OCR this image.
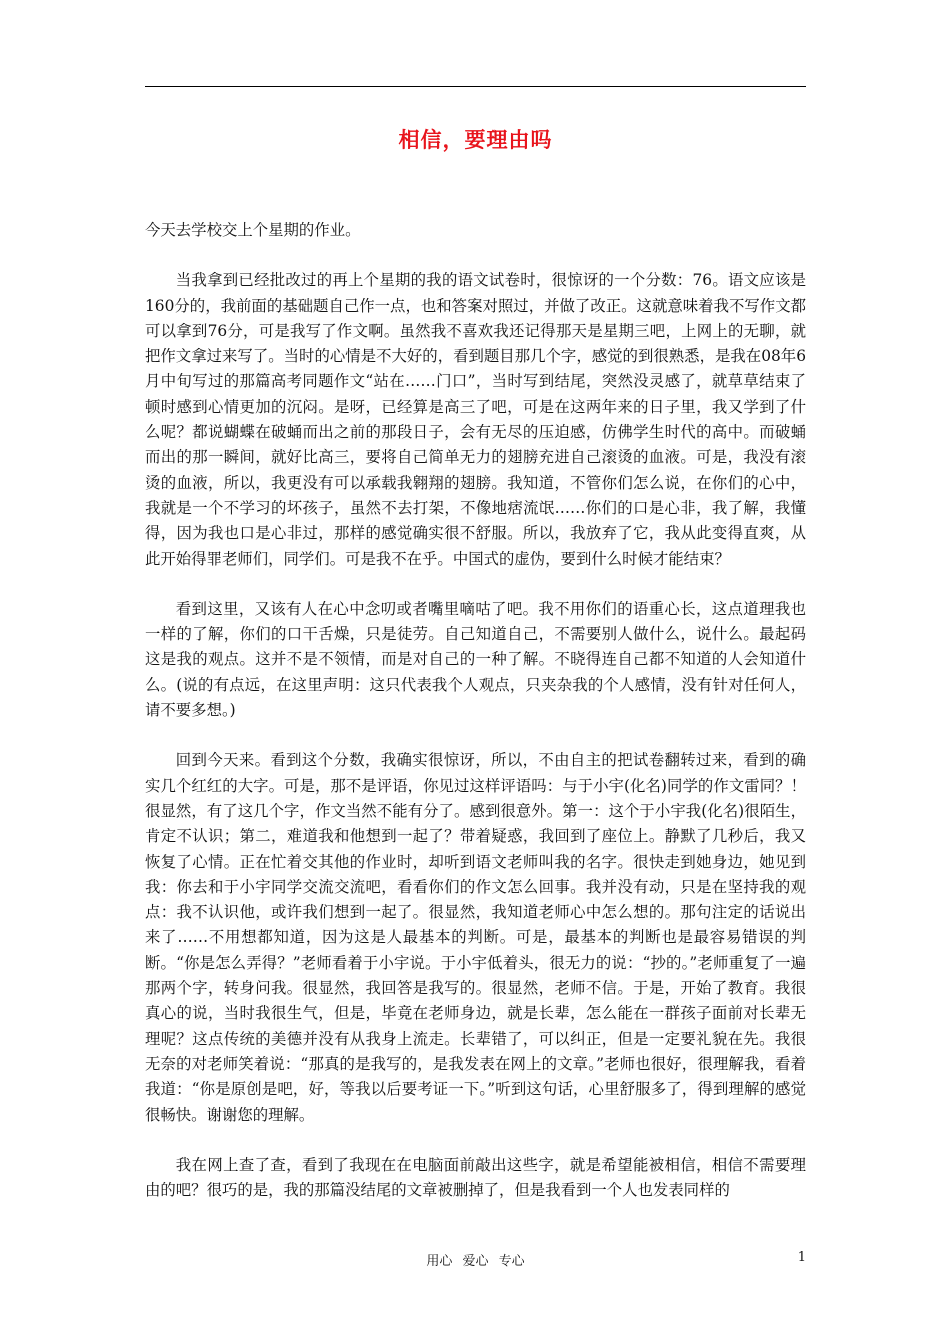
相信，要理由吗

今天去学校交上个星期的作业。

当我拿到已经批改过的再上个星期的我的语文试卷时，很惊讶的一个分数：76。语文应该是160分的，我前面的基础题自己作一点，也和答案对照过，并做了改正。这就意味着我不写作文都可以拿到76分，可是我写了作文啊。虽然我不喜欢我还记得那天是星期三吧，上网上的无聊，就把作文拿过来写了。当时的心情是不大好的，看到题目那几个字，感觉的到很熟悉，是我在08年6月中旬写过的那篇高考同题作文“站在……门口”，当时写到结尾，突然没灵感了，就草草结束了顿时感到心情更加的沉闷。是呀，已经算是高三了吧，可是在这两年来的日子里，我又学到了什么呢？都说蝴蝶在破蛹而出之前的那段日子，会有无尽的压迫感，仿佛学生时代的高中。而破蛹而出的那一瞬间，就好比高三，要将自己简单无力的翅膀充进自己滚烫的血液。可是，我没有滚烫的血液，所以，我更没有可以承载我翱翔的翅膀。我知道，不管你们怎么说，在你们的心中，我就是一个不学习的坏孩子，虽然不去打架，不像地痞流氓……你们的口是心非，我了解，我懂得，因为我也口是心非过，那样的感觉确实很不舒服。所以，我放弃了它，我从此变得直爽，从此开始得罪老师们，同学们。可是我不在乎。中国式的虚伪，要到什么时候才能结束？

看到这里，又该有人在心中念叨或者嘴里嘀咕了吧。我不用你们的语重心长，这点道理我也一样的了解，你们的口干舌燥，只是徒劳。自己知道自己，不需要别人做什么，说什么。最起码这是我的观点。这并不是不领情，而是对自己的一种了解。不晓得连自己都不知道的人会知道什么。(说的有点远，在这里声明：这只代表我个人观点，只夹杂我的个人感情，没有针对任何人，请不要多想。)

回到今天来。看到这个分数，我确实很惊讶，所以，不由自主的把试卷翻转过来，看到的确实几个红红的大字。可是，那不是评语，你见过这样评语吗：与于小宇(化名)同学的作文雷同？！很显然，有了这几个字，作文当然不能有分了。感到很意外。第一：这个于小宇我(化名)很陌生，肯定不认识；第二，难道我和他想到一起了？带着疑惑，我回到了座位上。静默了几秒后，我又恢复了心情。正在忙着交其他的作业时，却听到语文老师叫我的名字。很快走到她身边，她见到我：你去和于小宇同学交流交流吧，看看你们的作文怎么回事。我并没有动，只是在坚持我的观点：我不认识他，或许我们想到一起了。很显然，我知道老师心中怎么想的。那句注定的话说出来了……不用想都知道，因为这是人最基本的判断。可是，最基本的判断也是最容易错误的判断。“你是怎么弄得？”老师看着于小宇说。于小宇低着头，很无力的说：“抄的。”老师重复了一遍那两个字，转身问我。很显然，我回答是我写的。很显然，老师不信。于是，开始了教育。我很真心的说，当时我很生气，但是，毕竟在老师身边，就是长辈，怎么能在一群孩子面前对长辈无理呢？这点传统的美德并没有从我身上流走。长辈错了，可以纠正，但是一定要礼貌在先。我很无奈的对老师笑着说：“那真的是我写的，是我发表在网上的文章。”老师也很好，很理解我，看着我道：“你是原创是吧，好，等我以后要考证一下。”听到这句话，心里舒服多了，得到理解的感觉很畅快。谢谢您的理解。

我在网上查了查，看到了我现在在电脑面前敲出这些字，就是希望能被相信，相信不需要理由的吧？很巧的是，我的那篇没结尾的文章被删掉了，但是我看到一个人也发表同样的

用心 爱心 专心	1
